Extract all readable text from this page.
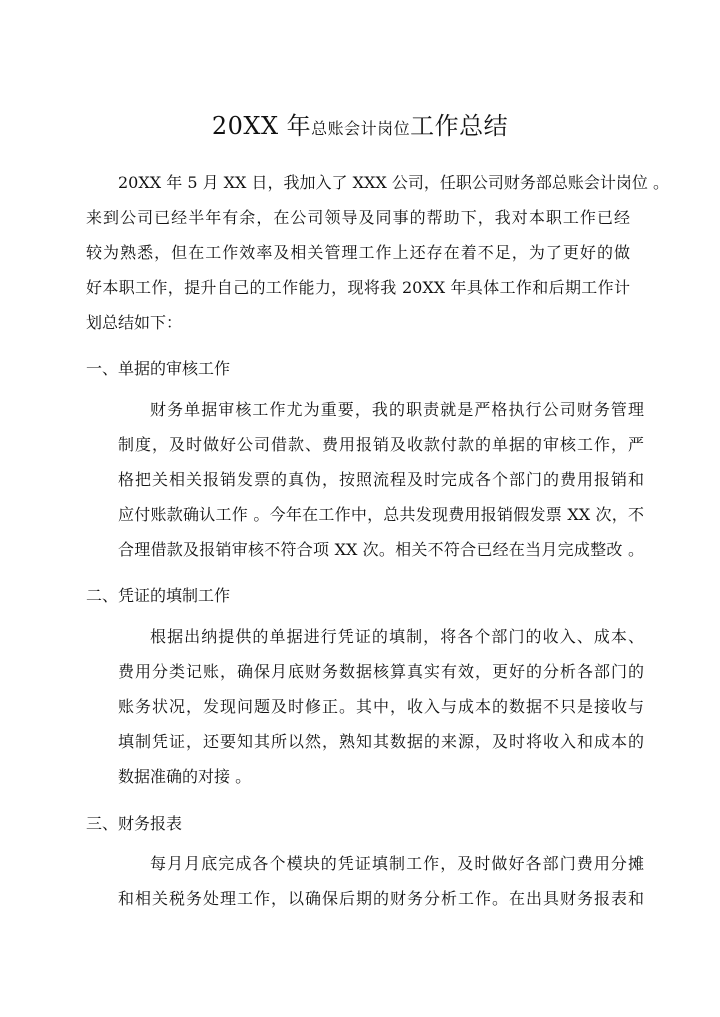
20XX 年总账会计岗位工作总结
20XX 年 5 月 XX 日，我加入了 XXX 公司，任职公司财务部总账会计岗位 。
来到公司已经半年有余，在公司领导及同事的帮助下，我对本职工作已经
较为熟悉，但在工作效率及相关管理工作上还存在着不足，为了更好的做
好本职工作，提升自己的工作能力，现将我 20XX 年具体工作和后期工作计
划总结如下：
一、单据的审核工作
财务单据审核工作尤为重要，我的职责就是严格执行公司财务管理
制度，及时做好公司借款、费用报销及收款付款的单据的审核工作，严
格把关相关报销发票的真伪，按照流程及时完成各个部门的费用报销和
应付账款确认工作 。今年在工作中，总共发现费用报销假发票 XX 次，不
合理借款及报销审核不符合项 XX 次。相关不符合已经在当月完成整改 。
二、凭证的填制工作
根据出纳提供的单据进行凭证的填制，将各个部门的收入、成本、
费用分类记账，确保月底财务数据核算真实有效，更好的分析各部门的
账务状况，发现问题及时修正。其中，收入与成本的数据不只是接收与
填制凭证，还要知其所以然，熟知其数据的来源，及时将收入和成本的
数据准确的对接 。
三、财务报表
每月月底完成各个模块的凭证填制工作，及时做好各部门费用分摊
和相关税务处理工作，以确保后期的财务分析工作。在出具财务报表和
